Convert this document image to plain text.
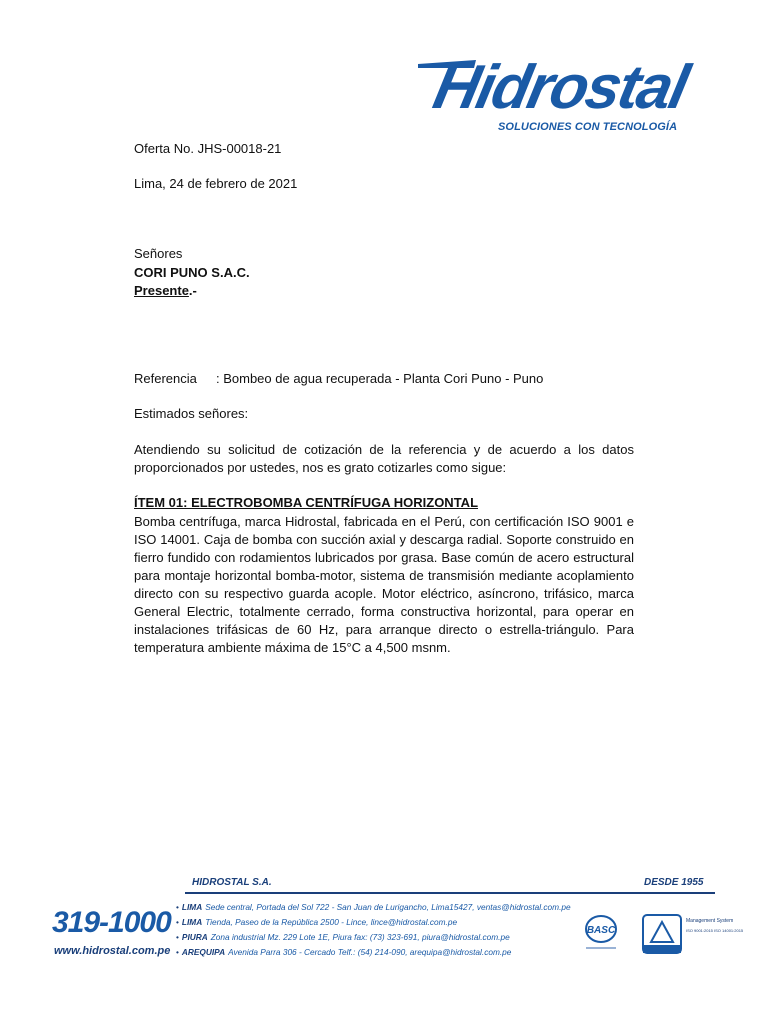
Hidrostal
SOLUCIONES CON TECNOLOGÍA
Oferta No. JHS-00018-21
Lima, 24 de febrero de 2021
Señores
CORI PUNO S.A.C.
Presente.-
Referencia : Bombeo de agua recuperada - Planta Cori Puno - Puno
Estimados señores:
Atendiendo su solicitud de cotización de la referencia y de acuerdo a los datos proporcionados por ustedes, nos es grato cotizarles como sigue:
ÍTEM 01: ELECTROBOMBA CENTRÍFUGA HORIZONTAL
Bomba centrífuga, marca Hidrostal, fabricada en el Perú, con certificación ISO 9001 e ISO 14001. Caja de bomba con succión axial y descarga radial. Soporte construido en fierro fundido con rodamientos lubricados por grasa. Base común de acero estructural para montaje horizontal bomba-motor, sistema de transmisión mediante acoplamiento directo con su respectivo guarda acople. Motor eléctrico, asíncrono, trifásico, marca General Electric, totalmente cerrado, forma constructiva horizontal, para operar en instalaciones trifásicas de 60 Hz, para arranque directo o estrella-triángulo. Para temperatura ambiente máxima de 15°C a 4,500 msnm.
HIDROSTAL S.A.	DESDE 1955
319-1000
www.hidrostal.com.pe
• LIMA Sede central, Portada del Sol 722 - San Juan de Lurigancho, Lima15427, ventas@hidrostal.com.pe
• LIMA Tienda, Paseo de la República 2500 - Lince, lince@hidrostal.com.pe
• PIURA Zona industrial Mz. 229 Lote 1E, Piura fax: (73) 323-691, piura@hidrostal.com.pe
• AREQUIPA Avenida Parra 306 - Cercado Telf.: (54) 214-090, arequipa@hidrostal.com.pe
BASC
Management System
ISO 9001:2015 ISO 14001:2015
